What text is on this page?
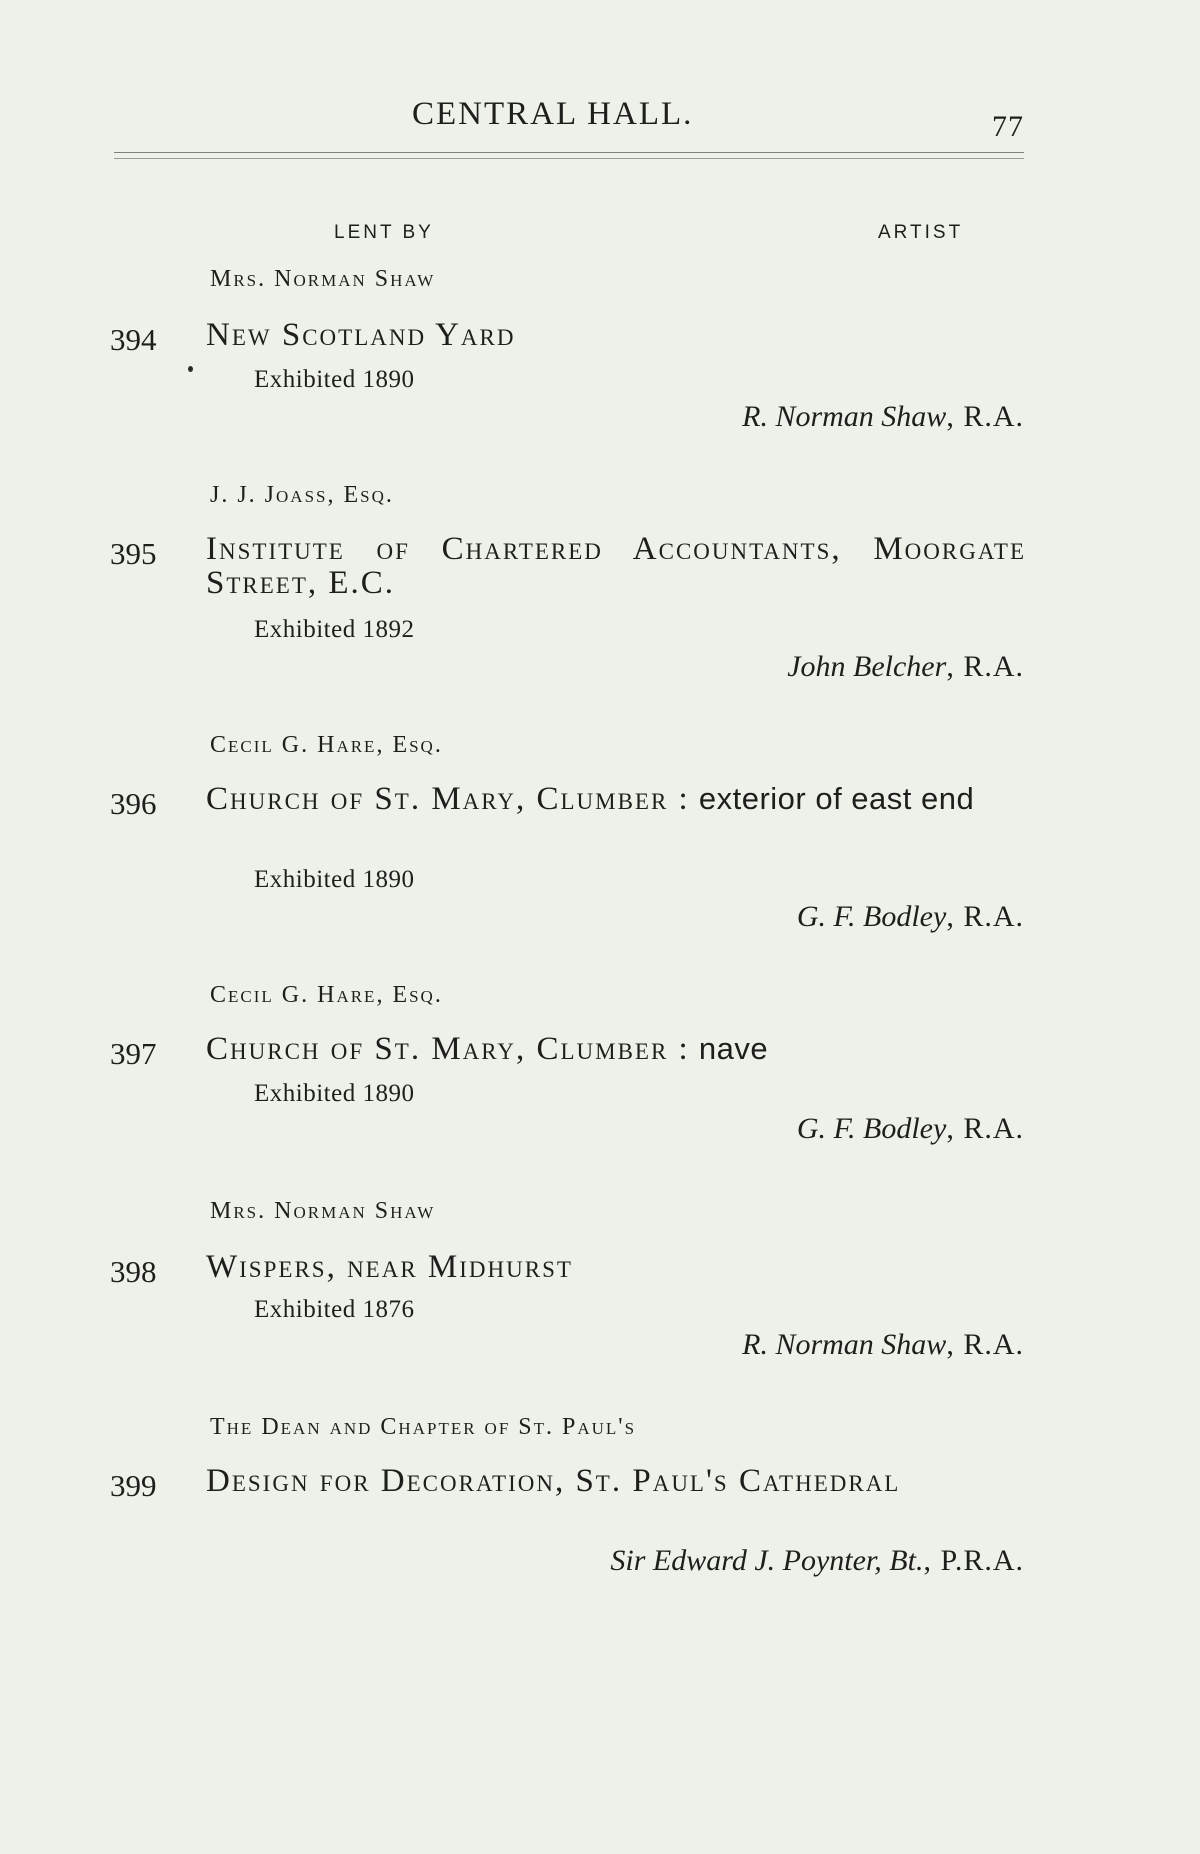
CENTRAL HALL.	77
LENT BY	ARTIST
Mrs. Norman Shaw
394 New Scotland Yard
Exhibited 1890
R. Norman Shaw, R.A.
J. J. Joass, Esq.
395 Institute of Chartered Accountants, Moorgate Street, E.C.
Exhibited 1892
John Belcher, R.A.
Cecil G. Hare, Esq.
396 Church of St. Mary, Clumber : exterior of east end
Exhibited 1890
G. F. Bodley, R.A.
Cecil G. Hare, Esq.
397 Church of St. Mary, Clumber : nave
Exhibited 1890
G. F. Bodley, R.A.
Mrs. Norman Shaw
398 Wispers, near Midhurst
Exhibited 1876
R. Norman Shaw, R.A.
The Dean and Chapter of St. Paul's
399 Design for Decoration, St. Paul's Cathedral
Sir Edward J. Poynter, Bt., P.R.A.
